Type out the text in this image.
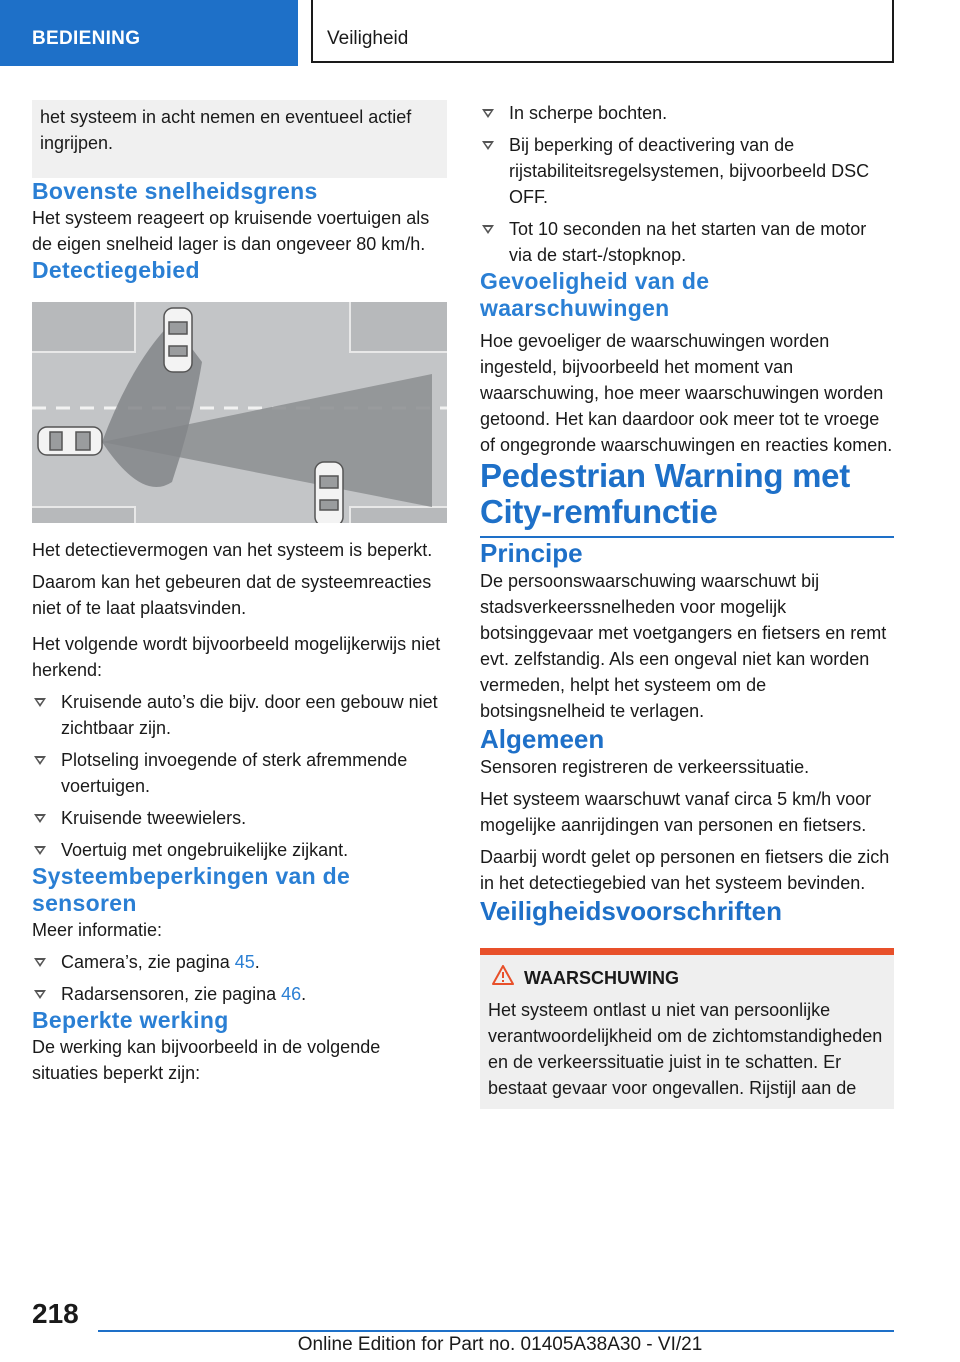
BEDIENING	Veiligheid

het systeem in acht nemen en eventueel actief ingrijpen.

Bovenste snelheidsgrens

Het systeem reageert op kruisende voertuigen als de eigen snelheid lager is dan ongeveer 80 km/h.

Detectiegebied

Het detectievermogen van het systeem is beperkt.

Daarom kan het gebeuren dat de systeemreacties niet of te laat plaatsvinden.

Het volgende wordt bijvoorbeeld mogelijkerwijs niet herkend:

Kruisende auto’s die bijv. door een gebouw niet zichtbaar zijn.
Plotseling invoegende of sterk afremmende voertuigen.
Kruisende tweewielers.
Voertuig met ongebruikelijke zijkant.
Systeembeperkingen van de sensoren

Meer informatie:

Camera’s, zie pagina 45.
Radarsensoren, zie pagina 46.
Beperkte werking

De werking kan bijvoorbeeld in de volgende situaties beperkt zijn:

In scherpe bochten.
Bij beperking of deactivering van de rijstabiliteitsregelsystemen, bijvoorbeeld DSC OFF.
Tot 10 seconden na het starten van de motor via de start-/stopknop.
Gevoeligheid van de waarschuwingen

Hoe gevoeliger de waarschuwingen worden ingesteld, bijvoorbeeld het moment van waarschuwing, hoe meer waarschuwingen worden getoond. Het kan daardoor ook meer tot te vroege of ongegronde waarschuwingen en reacties komen.

Pedestrian Warning met City-remfunctie
Principe

De persoonswaarschuwing waarschuwt bij stadsverkeerssnelheden voor mogelijk botsinggevaar met voetgangers en fietsers en remt evt. zelfstandig. Als een ongeval niet kan worden vermeden, helpt het systeem om de botsingsnelheid te verlagen.

Algemeen

Sensoren registreren de verkeerssituatie.

Het systeem waarschuwt vanaf circa 5 km/h voor mogelijke aanrijdingen van personen en fietsers.

Daarbij wordt gelet op personen en fietsers die zich in het detectiegebied van het systeem bevinden.

Veiligheidsvoorschriften
WAARSCHUWING

Het systeem ontlast u niet van persoonlijke verantwoordelijkheid om de zichtomstandigheden en de verkeerssituatie juist in te schatten. Er bestaat gevaar voor ongevallen. Rijstijl aan de

218
Online Edition for Part no. 01405A38A30 - VI/21
